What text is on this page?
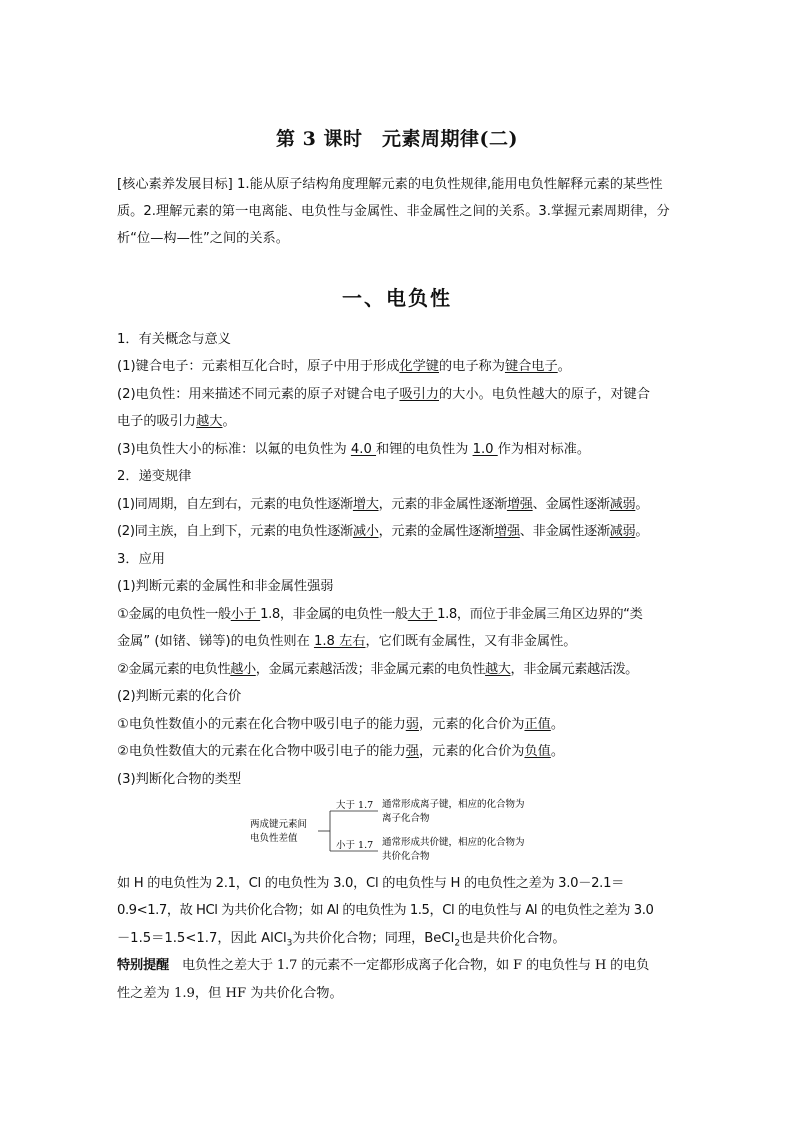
第 3 课时　元素周期律(二)
[核心素养发展目标] 1.能从原子结构角度理解元素的电负性规律,能用电负性解释元素的某些性质。2.理解元素的第一电离能、电负性与金属性、非金属性之间的关系。3.掌握元素周期律，分析“位—构—性”之间的关系。
一、电负性
1．有关概念与意义
(1)键合电子：元素相互化合时，原子中用于形成化学键的电子称为键合电子。
(2)电负性：用来描述不同元素的原子对键合电子吸引力的大小。电负性越大的原子，对键合
电子的吸引力越大。
(3)电负性大小的标准：以氟的电负性为 4.0 和锂的电负性为 1.0 作为相对标准。
2．递变规律
(1)同周期，自左到右，元素的电负性逐渐增大，元素的非金属性逐渐增强、金属性逐渐减弱。
(2)同主族，自上到下，元素的电负性逐渐减小，元素的金属性逐渐增强、非金属性逐渐减弱。
3．应用
(1)判断元素的金属性和非金属性强弱
①金属的电负性一般小于 1.8，非金属的电负性一般大于 1.8，而位于非金属三角区边界的“类
金属” (如锗、锑等)的电负性则在 1.8 左右，它们既有金属性，又有非金属性。
②金属元素的电负性越小，金属元素越活泼；非金属元素的电负性越大，非金属元素越活泼。
(2)判断元素的化合价
①电负性数值小的元素在化合物中吸引电子的能力弱，元素的化合价为正值。
②电负性数值大的元素在化合物中吸引电子的能力强，元素的化合价为负值。
(3)判断化合物的类型
两成键元素间
电负性差值
大于 1.7
小于 1.7
通常形成离子键，相应的化合物为
离子化合物
通常形成共价键，相应的化合物为
共价化合物
如 H 的电负性为 2.1，Cl 的电负性为 3.0，Cl 的电负性与 H 的电负性之差为 3.0－2.1＝
0.9<1.7，故 HCl 为共价化合物；如 Al 的电负性为 1.5，Cl 的电负性与 Al 的电负性之差为 3.0
－1.5＝1.5<1.7，因此 AlCl$_3$为共价化合物；同理，BeCl$_2$也是共价化合物。
特别提醒　电负性之差大于 1.7 的元素不一定都形成离子化合物，如 F 的电负性与 H 的电负
性之差为 1.9，但 HF 为共价化合物。
